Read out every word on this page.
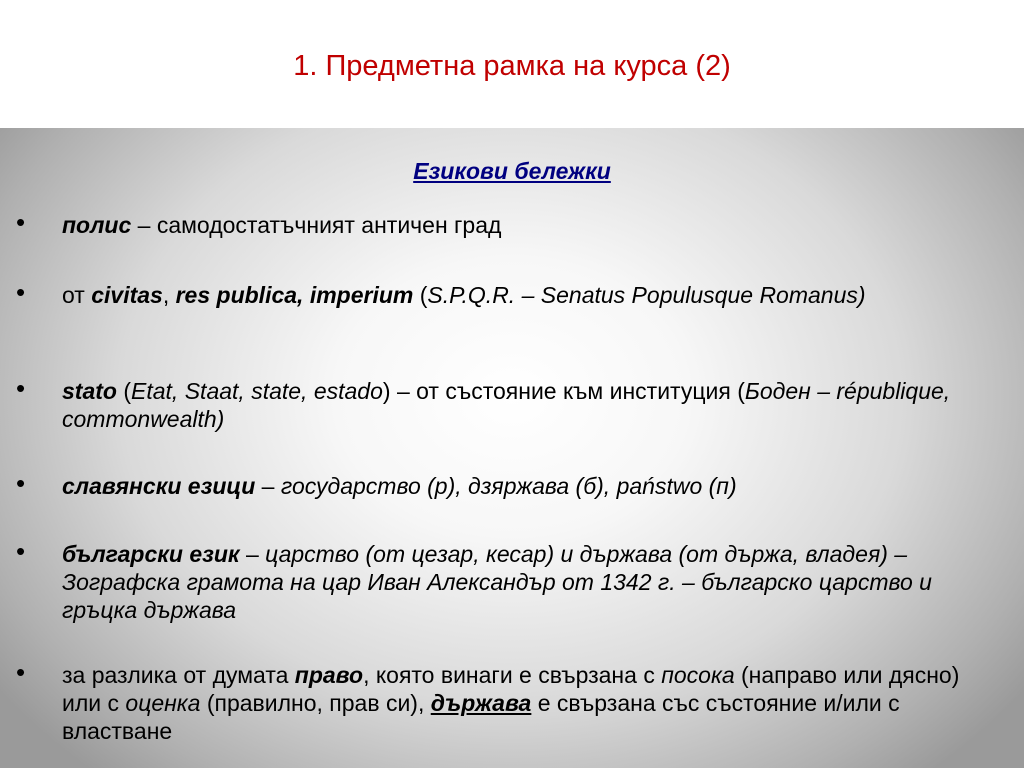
1. Предметна рамка на курса (2)
Езикови бележки
• полис – самодостатъчният античен град
• от civitas, res publica, imperium (S.P.Q.R. – Senatus Populusque Romanus)
• stato (Etat, Staat, state, estado) – от състояние към институция (Боден – république, commonwealth)
• славянски езици – государство (р), дзяржава (б), państwo (п)
• български език – царство (от цезар, кесар) и държава (от държа, владея) – Зографска грамота на цар Иван Александър от 1342 г. – българско царство и гръцка държава
• за разлика от думата право, която винаги е свързана с посока (направо или дясно) или с оценка (правилно, прав си), държава е свързана със състояние и/или с властване
